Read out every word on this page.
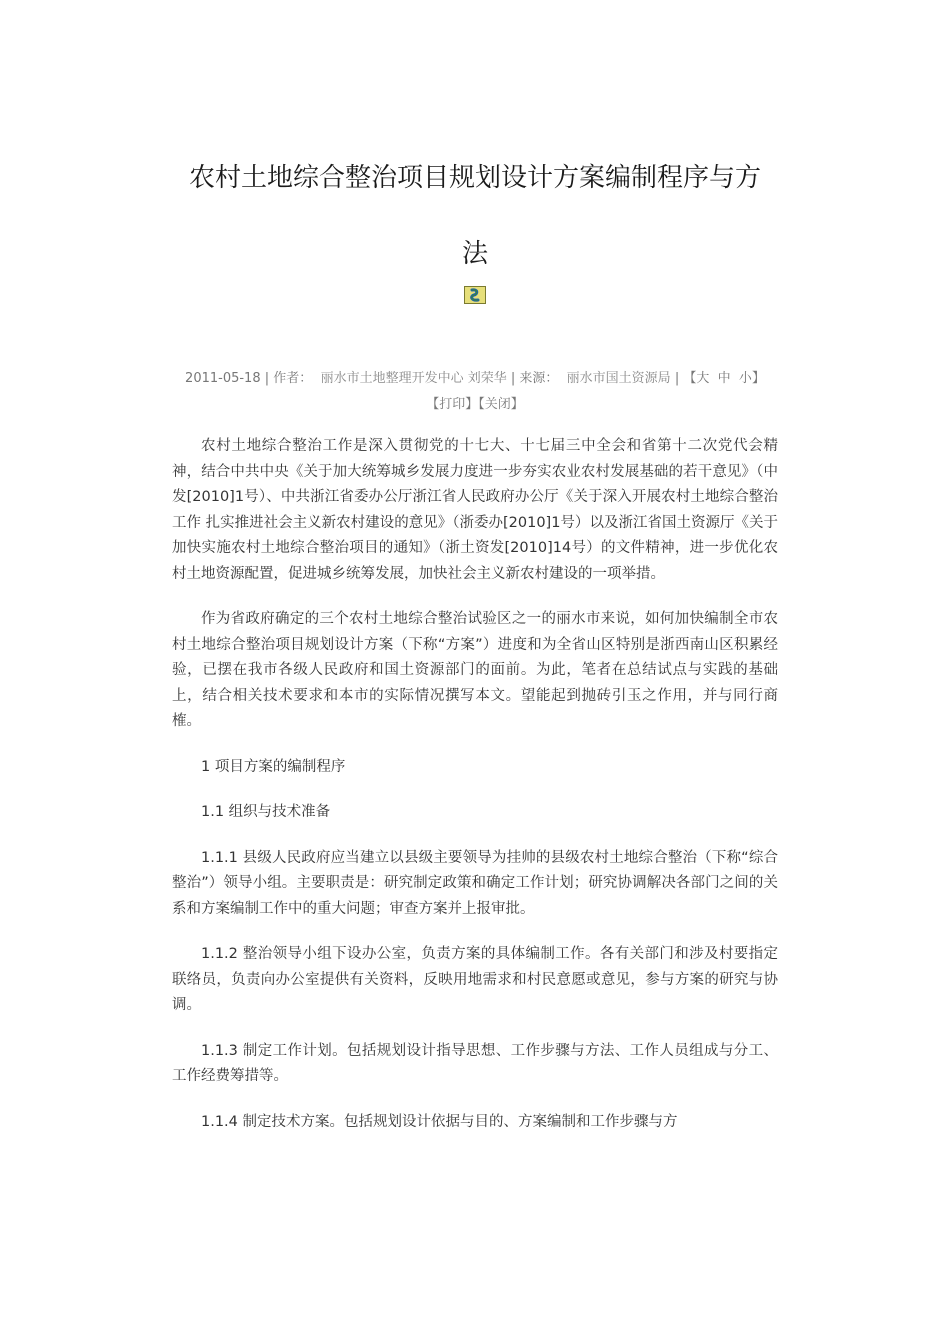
农村土地综合整治项目规划设计方案编制程序与方
法
2011-05-18 | 作者： 丽水市土地整理开发中心 刘荣华 | 来源： 丽水市国土资源局 | 【大 中 小】
【打印】【关闭】

农村土地综合整治工作是深入贯彻党的十七大、十七届三中全会和省第十二次党代会精神，结合中共中央《关于加大统筹城乡发展力度进一步夯实农业农村发展基础的若干意见》（中发[2010]1号）、中共浙江省委办公厅浙江省人民政府办公厅《关于深入开展农村土地综合整治工作 扎实推进社会主义新农村建设的意见》（浙委办[2010]1号）以及浙江省国土资源厅《关于加快实施农村土地综合整治项目的通知》（浙土资发[2010]14号）的文件精神，进一步优化农村土地资源配置，促进城乡统筹发展，加快社会主义新农村建设的一项举措。

作为省政府确定的三个农村土地综合整治试验区之一的丽水市来说，如何加快编制全市农村土地综合整治项目规划设计方案（下称“方案”）进度和为全省山区特别是浙西南山区积累经验，已摆在我市各级人民政府和国土资源部门的面前。为此，笔者在总结试点与实践的基础上，结合相关技术要求和本市的实际情况撰写本文。望能起到抛砖引玉之作用，并与同行商榷。

1 项目方案的编制程序

1.1 组织与技术准备

1.1.1 县级人民政府应当建立以县级主要领导为挂帅的县级农村土地综合整治（下称“综合整治”）领导小组。主要职责是：研究制定政策和确定工作计划；研究协调解决各部门之间的关系和方案编制工作中的重大问题；审查方案并上报审批。

1.1.2 整治领导小组下设办公室，负责方案的具体编制工作。各有关部门和涉及村要指定联络员，负责向办公室提供有关资料，反映用地需求和村民意愿或意见，参与方案的研究与协调。

1.1.3 制定工作计划。包括规划设计指导思想、工作步骤与方法、工作人员组成与分工、工作经费筹措等。

1.1.4 制定技术方案。包括规划设计依据与目的、方案编制和工作步骤与方
